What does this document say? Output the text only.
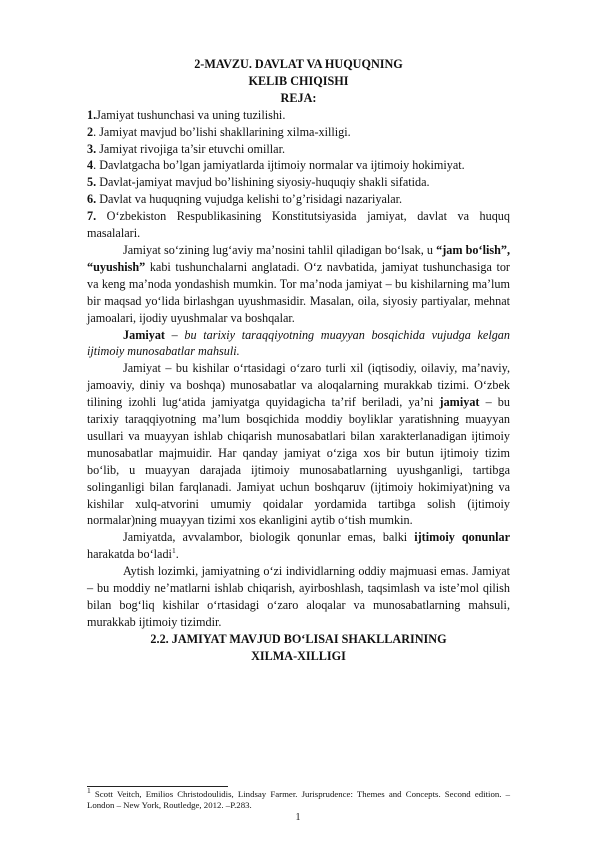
2-MAVZU. DAVLAT VA HUQUQNING
KELIB CHIQISHI
REJA:

1.Jamiyat tushunchasi va uning tuzilishi.

2. Jamiyat mavjud bo’lishi shakllarining xilma-xilligi.

3. Jamiyat rivojiga ta’sir etuvchi omillar.

4. Davlatgacha bo’lgan jamiyatlarda ijtimoiy normalar va ijtimoiy hokimiyat.

5. Davlat-jamiyat mavjud bo’lishining siyosiy-huquqiy shakli sifatida.

6. Davlat va huquqning vujudga kelishi to’g’risidagi nazariyalar.

7. O‘zbekiston Respublikasining Konstitutsiyasida jamiyat, davlat va huquq masalalari.

Jamiyat so‘zining lug‘aviy ma’nosini tahlil qiladigan bo‘lsak, u “jam bo‘lish”, “uyushish” kabi tushunchalarni anglatadi. O‘z navbatida, jamiyat tushunchasiga tor va keng ma’noda yondashish mumkin. Tor ma’noda jamiyat – bu kishilarning ma’lum bir maqsad yo‘lida birlashgan uyushmasidir. Masalan, oila, siyosiy partiyalar, mehnat jamoalari, ijodiy uyushmalar va boshqalar.

Jamiyat – bu tarixiy taraqqiyotning muayyan bosqichida vujudga kelgan ijtimoiy munosabatlar mahsuli.

Jamiyat – bu kishilar o‘rtasidagi o‘zaro turli xil (iqtisodiy, oilaviy, ma’naviy, jamoaviy, diniy va boshqa) munosabatlar va aloqalarning murakkab tizimi. O‘zbek tilining izohli lug‘atida jamiyatga quyidagicha ta’rif beriladi, ya’ni jamiyat – bu tarixiy taraqqiyotning ma’lum bosqichida moddiy boyliklar yaratishning muayyan usullari va muayyan ishlab chiqarish munosabatlari bilan xarakterlanadigan ijtimoiy munosabatlar majmuidir. Har qanday jamiyat o‘ziga xos bir butun ijtimoiy tizim bo‘lib, u muayyan darajada ijtimoiy munosabatlarning uyushganligi, tartibga solinganligi bilan farqlanadi. Jamiyat uchun boshqaruv (ijtimoiy hokimiyat)ning va kishilar xulq-atvorini umumiy qoidalar yordamida tartibga solish (ijtimoiy normalar)ning muayyan tizimi xos ekanligini aytib o‘tish mumkin.

Jamiyatda, avvalambor, biologik qonunlar emas, balki ijtimoiy qonunlar harakatda bo‘ladi$^1$.

Aytish lozimki, jamiyatning o‘zi individlarning oddiy majmuasi emas. Jamiyat – bu moddiy ne’matlarni ishlab chiqarish, ayirboshlash, taqsimlash va iste’mol qilish bilan bog‘liq kishilar o‘rtasidagi o‘zaro aloqalar va munosabatlarning mahsuli, murakkab ijtimoiy tizimdir.

2.2. JAMIYAT MAVJUD BO‘LISAI SHAKLLARINING
XILMA-XILLIGI
$^1$ Scott Veitch, Emilios Christodoulidis, Lindsay Farmer. Jurisprudence: Themes and Concepts. Second edition. – London – New York, Routledge, 2012. –P.283.
1
